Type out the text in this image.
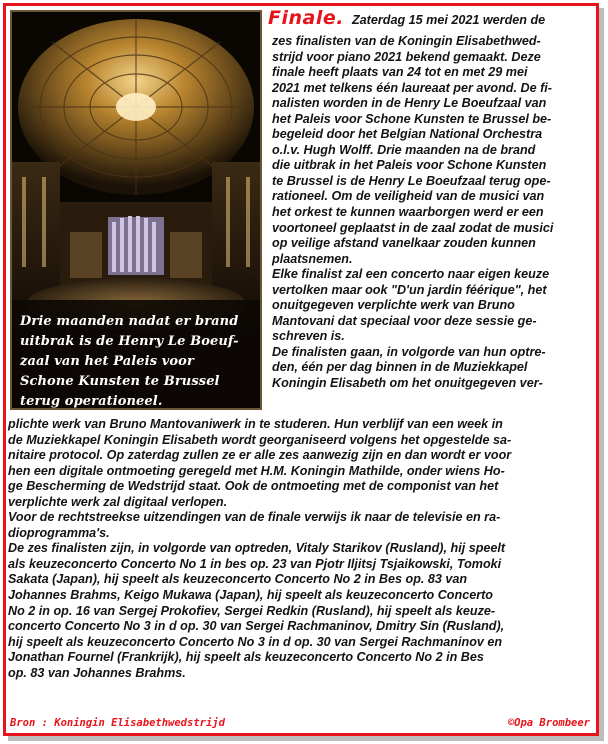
Drie maanden nadat er brand
uitbrak is de Henry Le Boeuf-
zaal van het Paleis voor
Schone Kunsten te Brussel
terug operationeel.
Finale. Zaterdag 15 mei 2021 werden de
zes finalisten van de Koningin Elisabethwed-
strijd voor piano 2021 bekend gemaakt. Deze
finale heeft plaats van 24 tot en met 29 mei
2021 met telkens één laureaat per avond. De fi-
nalisten worden in de Henry Le Boeufzaal van
het Paleis voor Schone Kunsten te Brussel be-
begeleid door het Belgian National Orchestra
o.l.v. Hugh Wolff. Drie maanden na de brand
die uitbrak in het Paleis voor Schone Kunsten
te Brussel is de Henry Le Boeufzaal terug ope-
rationeel. Om de veiligheid van de musici van
het orkest te kunnen waarborgen werd er een
voortoneel geplaatst in de zaal zodat de musici
op veilige afstand vanelkaar zouden kunnen
plaatsnemen.
Elke finalist zal een concerto naar eigen keuze
vertolken maar ook "D'un jardin féérique", het
onuitgegeven verplichte werk van Bruno
Mantovani dat speciaal voor deze sessie ge-
schreven is.
De finalisten gaan, in volgorde van hun optre-
den, één per dag binnen in de Muziekkapel
Koningin Elisabeth om het onuitgegeven ver-
plichte werk van Bruno Mantovaniwerk in te studeren. Hun verblijf van een week in
de Muziekkapel Koningin Elisabeth wordt georganiseerd volgens het opgestelde sa-
nitaire protocol. Op zaterdag zullen ze er alle zes aanwezig zijn en dan wordt er voor
hen een digitale ontmoeting geregeld met H.M. Koningin Mathilde, onder wiens Ho-
ge Bescherming de Wedstrijd staat. Ook de ontmoeting met de componist van het
verplichte werk zal digitaal verlopen.
Voor de rechtstreekse uitzendingen van de finale verwijs ik naar de televisie en ra-
dioprogramma's.
De zes finalisten zijn, in volgorde van optreden, Vitaly Starikov (Rusland), hij speelt
als keuzeconcerto Concerto No 1 in bes op. 23 van Pjotr Iljitsj Tsjaikowski, Tomoki
Sakata (Japan), hij speelt als keuzeconcerto Concerto No 2 in Bes op. 83 van
Johannes Brahms, Keigo Mukawa (Japan), hij speelt als keuzeconcerto Concerto
No 2 in op. 16 van Sergej Prokofiev, Sergei Redkin (Rusland), hij speelt als keuze-
concerto Concerto No 3 in d op. 30 van Sergei Rachmaninov, Dmitry Sin (Rusland),
hij speelt als keuzeconcerto Concerto No 3 in d op. 30 van Sergei Rachmaninov en
Jonathan Fournel (Frankrijk), hij speelt als keuzeconcerto Concerto No 2 in Bes
op. 83 van Johannes Brahms.
Bron : Koningin Elisabethwedstrijd	©Opa Brombeer
